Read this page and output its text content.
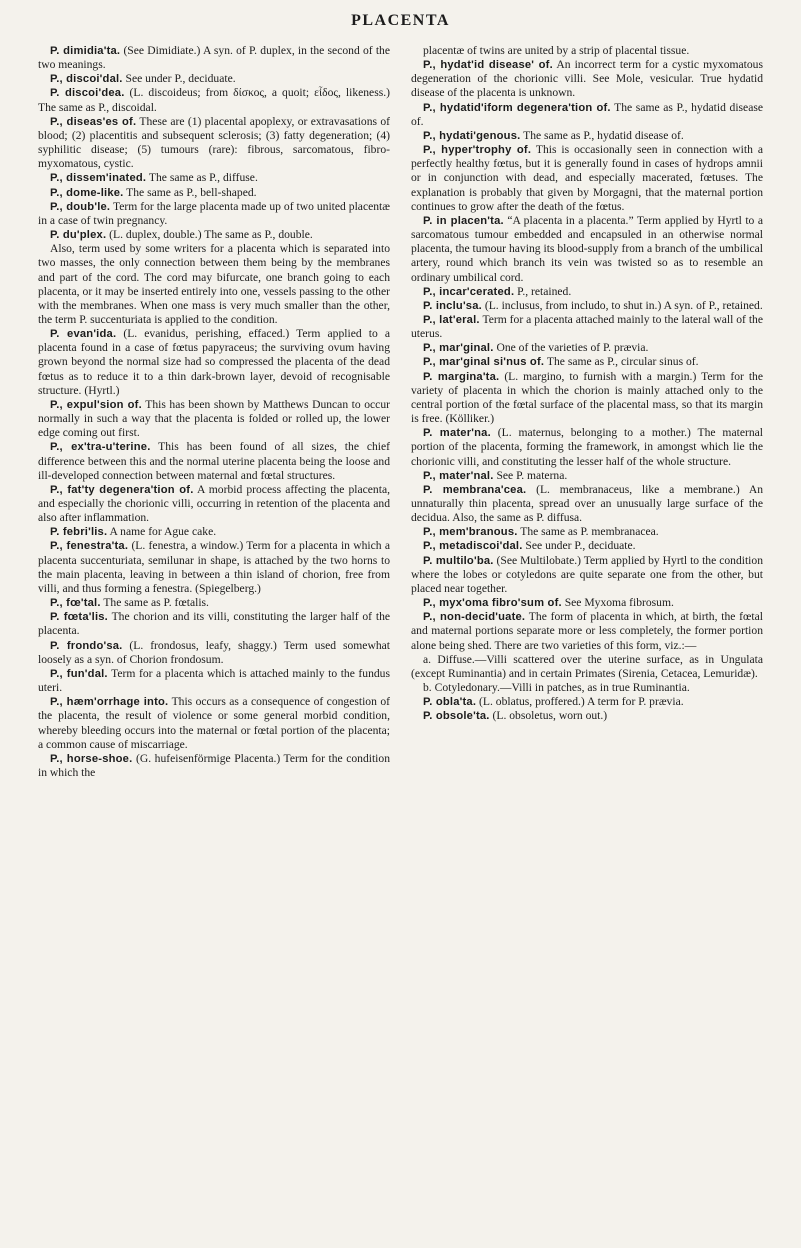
PLACENTA

P. dimidia'ta. (See Dimidiate.) A syn. of P. duplex, in the second of the two meanings.

P., discoi'dal. See under P., deciduate.

P. discoi'dea. (L. discoideus; from δίσκος, a quoit; εἶδος, likeness.) The same as P., discoidal.

P., diseas'es of. These are (1) placental apoplexy, or extravasations of blood; (2) placentitis and subsequent sclerosis; (3) fatty degeneration; (4) syphilitic disease; (5) tumours (rare): fibrous, sarcomatous, fibro-myxomatous, cystic.

P., dissem'inated. The same as P., diffuse.

P., dome-like. The same as P., bell-shaped.

P., doub'le. Term for the large placenta made up of two united placentæ in a case of twin pregnancy.

P. du'plex. (L. duplex, double.) The same as P., double.

Also, term used by some writers for a placenta which is separated into two masses, the only connection between them being by the membranes and part of the cord. The cord may bifurcate, one branch going to each placenta, or it may be inserted entirely into one, vessels passing to the other with the membranes. When one mass is very much smaller than the other, the term P. succenturiata is applied to the condition.

P. evan'ida. (L. evanidus, perishing, effaced.) Term applied to a placenta found in a case of fœtus papyraceus; the surviving ovum having grown beyond the normal size had so compressed the placenta of the dead fœtus as to reduce it to a thin dark-brown layer, devoid of recognisable structure. (Hyrtl.)

P., expul'sion of. This has been shown by Matthews Duncan to occur normally in such a way that the placenta is folded or rolled up, the lower edge coming out first.

P., ex'tra-u'terine. This has been found of all sizes, the chief difference between this and the normal uterine placenta being the loose and ill-developed connection between maternal and fœtal structures.

P., fat'ty degenera'tion of. A morbid process affecting the placenta, and especially the chorionic villi, occurring in retention of the placenta and also after inflammation.

P. febri'lis. A name for Ague cake.

P., fenestra'ta. (L. fenestra, a window.) Term for a placenta in which a placenta succenturiata, semilunar in shape, is attached by the two horns to the main placenta, leaving in between a thin island of chorion, free from villi, and thus forming a fenestra. (Spiegelberg.)

P., fœ'tal. The same as P. fœtalis.

P. fœta'lis. The chorion and its villi, constituting the larger half of the placenta.

P. frondo'sa. (L. frondosus, leafy, shaggy.) Term used somewhat loosely as a syn. of Chorion frondosum.

P., fun'dal. Term for a placenta which is attached mainly to the fundus uteri.

P., hæm'orrhage into. This occurs as a consequence of congestion of the placenta, the result of violence or some general morbid condition, whereby bleeding occurs into the maternal or fœtal portion of the placenta; a common cause of miscarriage.

P., horse-shoe. (G. hufeisenförmige Placenta.) Term for the condition in which the

placentæ of twins are united by a strip of placental tissue.

P., hydat'id disease' of. An incorrect term for a cystic myxomatous degeneration of the chorionic villi. See Mole, vesicular. True hydatid disease of the placenta is unknown.

P., hydatid'iform degenera'tion of. The same as P., hydatid disease of.

P., hydati'genous. The same as P., hydatid disease of.

P., hyper'trophy of. This is occasionally seen in connection with a perfectly healthy fœtus, but it is generally found in cases of hydrops amnii or in conjunction with dead, and especially macerated, fœtuses. The explanation is probably that given by Morgagni, that the maternal portion continues to grow after the death of the fœtus.

P. in placen'ta. “A placenta in a placenta.” Term applied by Hyrtl to a sarcomatous tumour embedded and encapsuled in an otherwise normal placenta, the tumour having its blood-supply from a branch of the umbilical artery, round which branch its vein was twisted so as to resemble an ordinary umbilical cord.

P., incar'cerated. P., retained.

P. inclu'sa. (L. inclusus, from includo, to shut in.) A syn. of P., retained.

P., lat'eral. Term for a placenta attached mainly to the lateral wall of the uterus.

P., mar'ginal. One of the varieties of P. prævia.

P., mar'ginal si'nus of. The same as P., circular sinus of.

P. margina'ta. (L. margino, to furnish with a margin.) Term for the variety of placenta in which the chorion is mainly attached only to the central portion of the fœtal surface of the placental mass, so that its margin is free. (Kölliker.)

P. mater'na. (L. maternus, belonging to a mother.) The maternal portion of the placenta, forming the framework, in amongst which lie the chorionic villi, and constituting the lesser half of the whole structure.

P., mater'nal. See P. materna.

P. membrana'cea. (L. membranaceus, like a membrane.) An unnaturally thin placenta, spread over an unusually large surface of the decidua. Also, the same as P. diffusa.

P., mem'branous. The same as P. membranacea.

P., metadiscoi'dal. See under P., deciduate.

P. multilo'ba. (See Multilobate.) Term applied by Hyrtl to the condition where the lobes or cotyledons are quite separate one from the other, but placed near together.

P., myx'oma fibro'sum of. See Myxoma fibrosum.

P., non-decid'uate. The form of placenta in which, at birth, the fœtal and maternal portions separate more or less completely, the former portion alone being shed. There are two varieties of this form, viz.:—

a. Diffuse.—Villi scattered over the uterine surface, as in Ungulata (except Ruminantia) and in certain Primates (Sirenia, Cetacea, Lemuridæ).

b. Cotyledonary.—Villi in patches, as in true Ruminantia.

P. obla'ta. (L. oblatus, proffered.) A term for P. prævia.

P. obsole'ta. (L. obsoletus, worn out.)
